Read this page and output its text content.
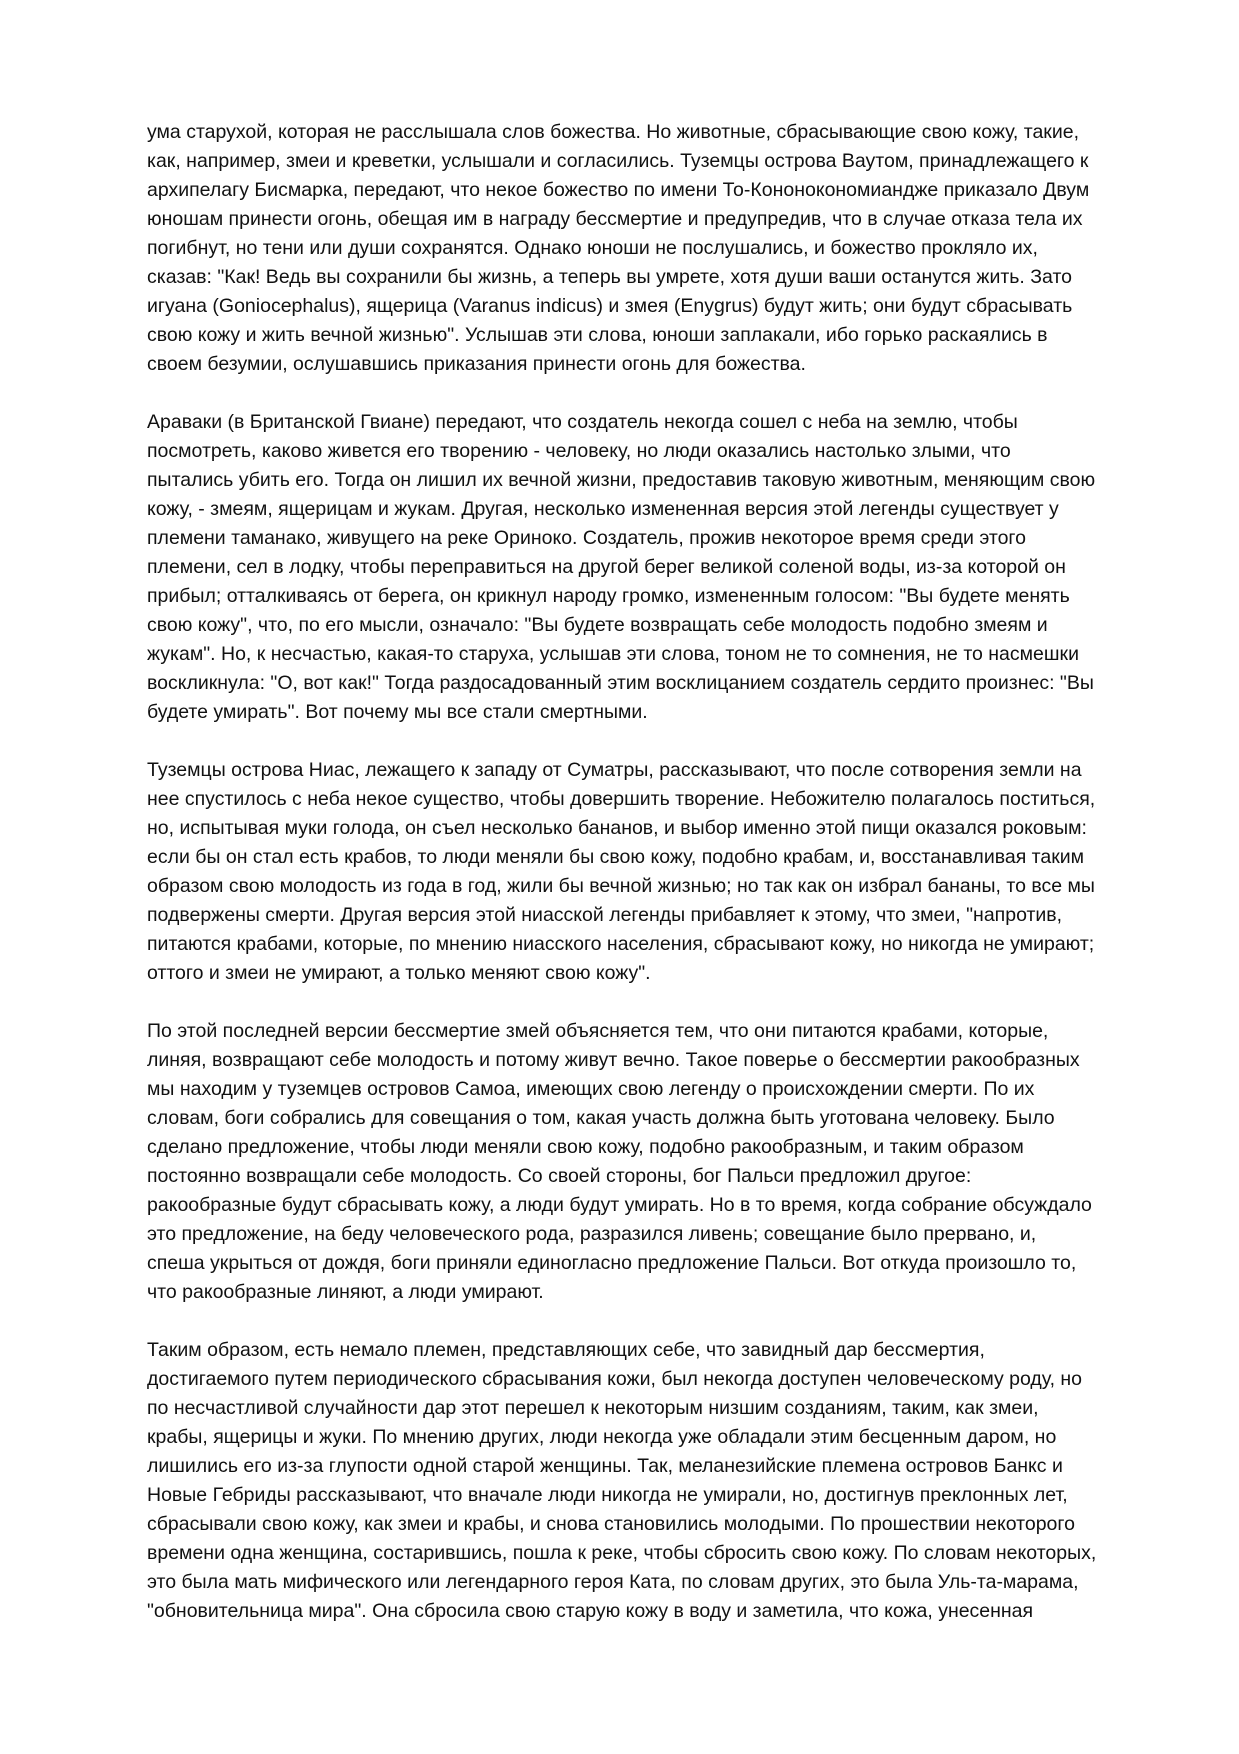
ума старухой, которая не расслышала слов божества. Но животные, сбрасывающие свою кожу, такие,
как, например, змеи и креветки, услышали и согласились. Туземцы острова Ваутом, принадлежащего к
архипелагу Бисмарка, передают, что некое божество по имени То-Кононокономиандже приказало Двум
юношам принести огонь, обещая им в награду бессмертие и предупредив, что в случае отказа тела их
погибнут, но тени или души сохранятся. Однако юноши не послушались, и божество прокляло их,
сказав: "Как! Ведь вы сохранили бы жизнь, а теперь вы умрете, хотя души ваши останутся жить. Зато
игуана (Goniocephalus), ящерица (Varanus indicus) и змея (Enygrus) будут жить; они будут сбрасывать
свою кожу и жить вечной жизнью". Услышав эти слова, юноши заплакали, ибо горько раскаялись в
своем безумии, ослушавшись приказания принести огонь для божества.
Араваки (в Британской Гвиане) передают, что создатель некогда сошел с неба на землю, чтобы
посмотреть, каково живется его творению - человеку, но люди оказались настолько злыми, что
пытались убить его. Тогда он лишил их вечной жизни, предоставив таковую животным, меняющим свою
кожу, - змеям, ящерицам и жукам. Другая, несколько измененная версия этой легенды существует у
племени таманако, живущего на реке Ориноко. Создатель, прожив некоторое время среди этого
племени, сел в лодку, чтобы переправиться на другой берег великой соленой воды, из-за которой он
прибыл; отталкиваясь от берега, он крикнул народу громко, измененным голосом: "Вы будете менять
свою кожу", что, по его мысли, означало: "Вы будете возвращать себе молодость подобно змеям и
жукам". Но, к несчастью, какая-то старуха, услышав эти слова, тоном не то сомнения, не то насмешки
воскликнула: "О, вот как!" Тогда раздосадованный этим восклицанием создатель сердито произнес: "Вы
будете умирать". Вот почему мы все стали смертными.
Туземцы острова Ниас, лежащего к западу от Суматры, рассказывают, что после сотворения земли на
нее спустилось с неба некое существо, чтобы довершить творение. Небожителю полагалось поститься,
но, испытывая муки голода, он съел несколько бананов, и выбор именно этой пищи оказался роковым:
если бы он стал есть крабов, то люди меняли бы свою кожу, подобно крабам, и, восстанавливая таким
образом свою молодость из года в год, жили бы вечной жизнью; но так как он избрал бананы, то все мы
подвержены смерти. Другая версия этой ниасской легенды прибавляет к этому, что змеи, "напротив,
питаются крабами, которые, по мнению ниасского населения, сбрасывают кожу, но никогда не умирают;
оттого и змеи не умирают, а только меняют свою кожу".
По этой последней версии бессмертие змей объясняется тем, что они питаются крабами, которые,
линяя, возвращают себе молодость и потому живут вечно. Такое поверье о бессмертии ракообразных
мы находим у туземцев островов Самоа, имеющих свою легенду о происхождении смерти. По их
словам, боги собрались для совещания о том, какая участь должна быть уготована человеку. Было
сделано предложение, чтобы люди меняли свою кожу, подобно ракообразным, и таким образом
постоянно возвращали себе молодость. Со своей стороны, бог Пальси предложил другое:
ракообразные будут сбрасывать кожу, а люди будут умирать. Но в то время, когда собрание обсуждало
это предложение, на беду человеческого рода, разразился ливень; совещание было прервано, и,
спеша укрыться от дождя, боги приняли единогласно предложение Пальси. Вот откуда произошло то,
что ракообразные линяют, а люди умирают.
Таким образом, есть немало племен, представляющих себе, что завидный дар бессмертия,
достигаемого путем периодического сбрасывания кожи, был некогда доступен человеческому роду, но
по несчастливой случайности дар этот перешел к некоторым низшим созданиям, таким, как змеи,
крабы, ящерицы и жуки. По мнению других, люди некогда уже обладали этим бесценным даром, но
лишились его из-за глупости одной старой женщины. Так, меланезийские племена островов Банкс и
Новые Гебриды рассказывают, что вначале люди никогда не умирали, но, достигнув преклонных лет,
сбрасывали свою кожу, как змеи и крабы, и снова становились молодыми. По прошествии некоторого
времени одна женщина, состарившись, пошла к реке, чтобы сбросить свою кожу. По словам некоторых,
это была мать мифического или легендарного героя Ката, по словам других, это была Уль-та-марама,
"обновительница мира". Она сбросила свою старую кожу в воду и заметила, что кожа, унесенная
